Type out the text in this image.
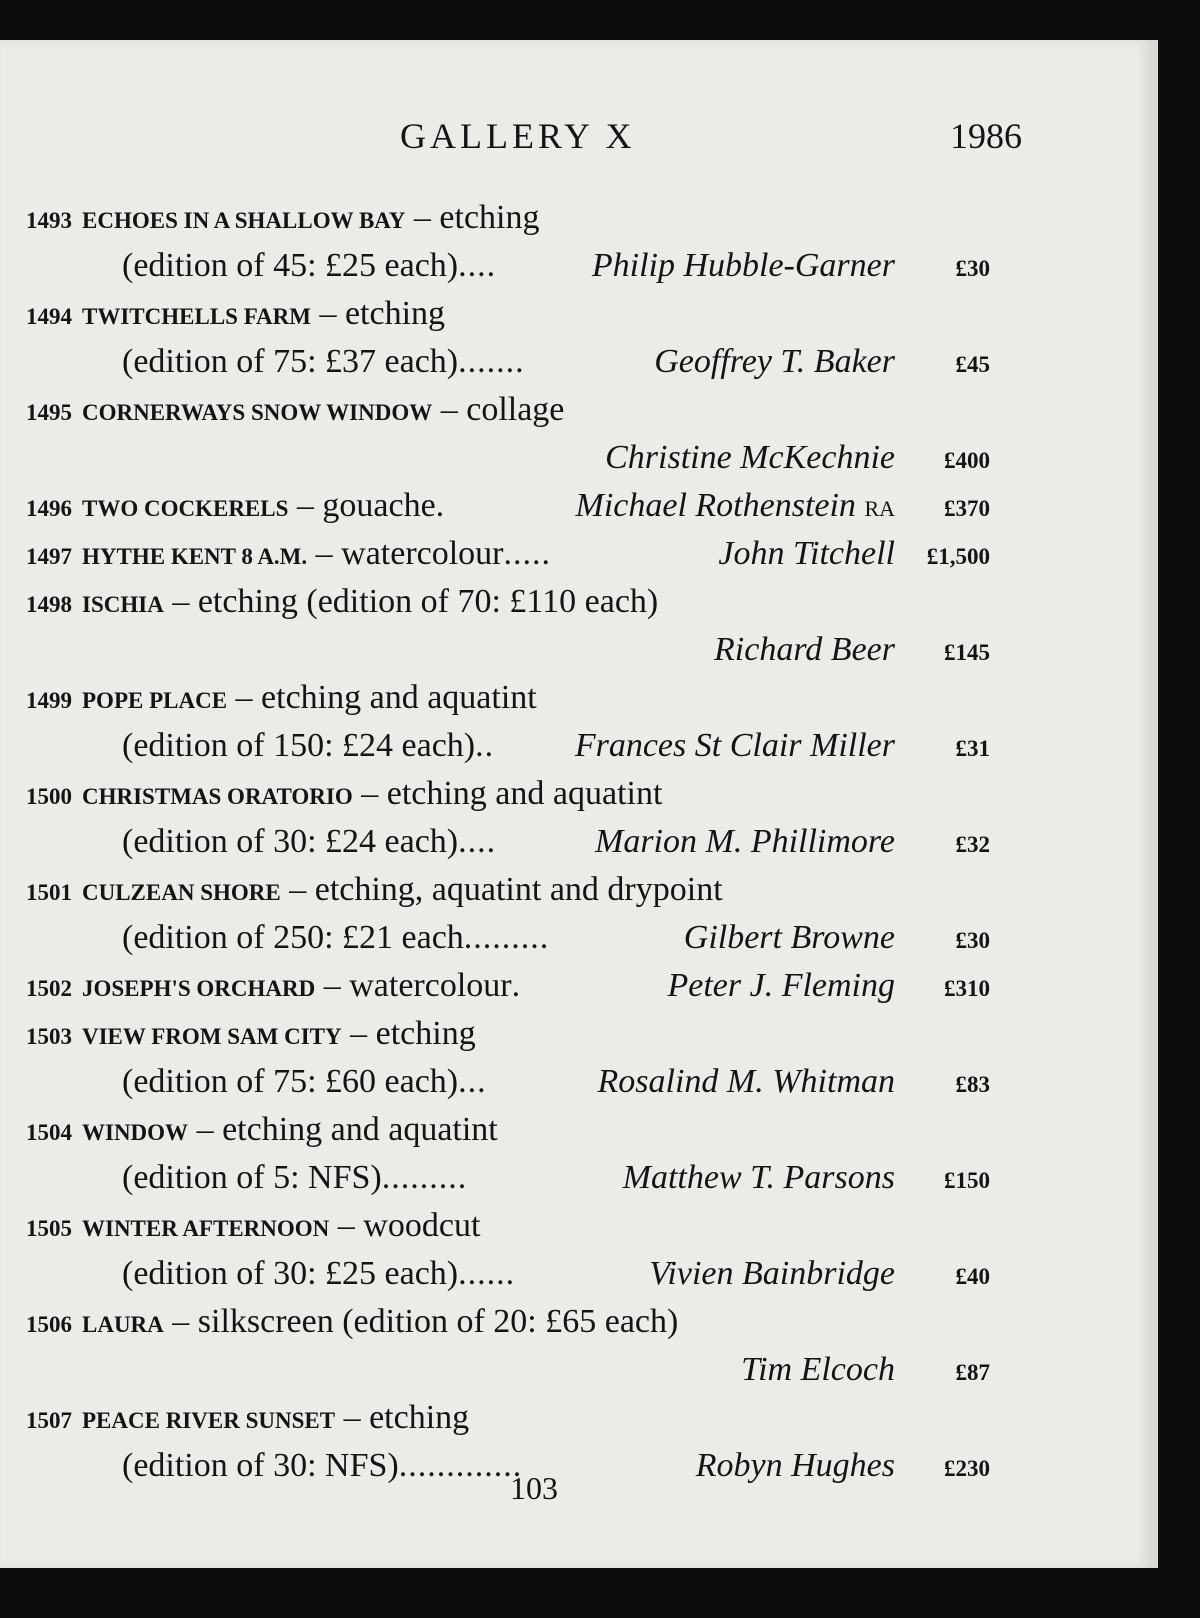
GALLERY X	1986
1493 ECHOES IN A SHALLOW BAY – etching
(edition of 45: £25 each)....	Philip Hubble-Garner	£30
1494 TWITCHELLS FARM – etching
(edition of 75: £37 each).......	Geoffrey T. Baker	£45
1495 CORNERWAYS SNOW WINDOW – collage
Christine McKechnie £400
1496 TWO COCKERELS – gouache.	Michael Rothenstein RA £370
1497 HYTHE KENT 8 A.M. – watercolour.....	John Titchell £1,500
1498 ISCHIA – etching (edition of 70: £110 each)
Richard Beer £145
1499 POPE PLACE – etching and aquatint
(edition of 150: £24 each).. Frances St Clair Miller	£31
1500 CHRISTMAS ORATORIO – etching and aquatint
(edition of 30: £24 each)....	Marion M. Phillimore	£32
1501 CULZEAN SHORE – etching, aquatint and drypoint
(edition of 250: £21 each.........	Gilbert Browne	£30
1502 JOSEPH'S ORCHARD – watercolour.	Peter J. Fleming £310
1503 VIEW FROM SAM CITY – etching
(edition of 75: £60 each)...	Rosalind M. Whitman	£83
1504 WINDOW – etching and aquatint
(edition of 5: NFS).........	Matthew T. Parsons £150
1505 WINTER AFTERNOON – woodcut
(edition of 30: £25 each)......	Vivien Bainbridge	£40
1506 LAURA – silkscreen (edition of 20: £65 each)
Tim Elcoch	£87
1507 PEACE RIVER SUNSET – etching
(edition of 30: NFS).............	Robyn Hughes £230
103
